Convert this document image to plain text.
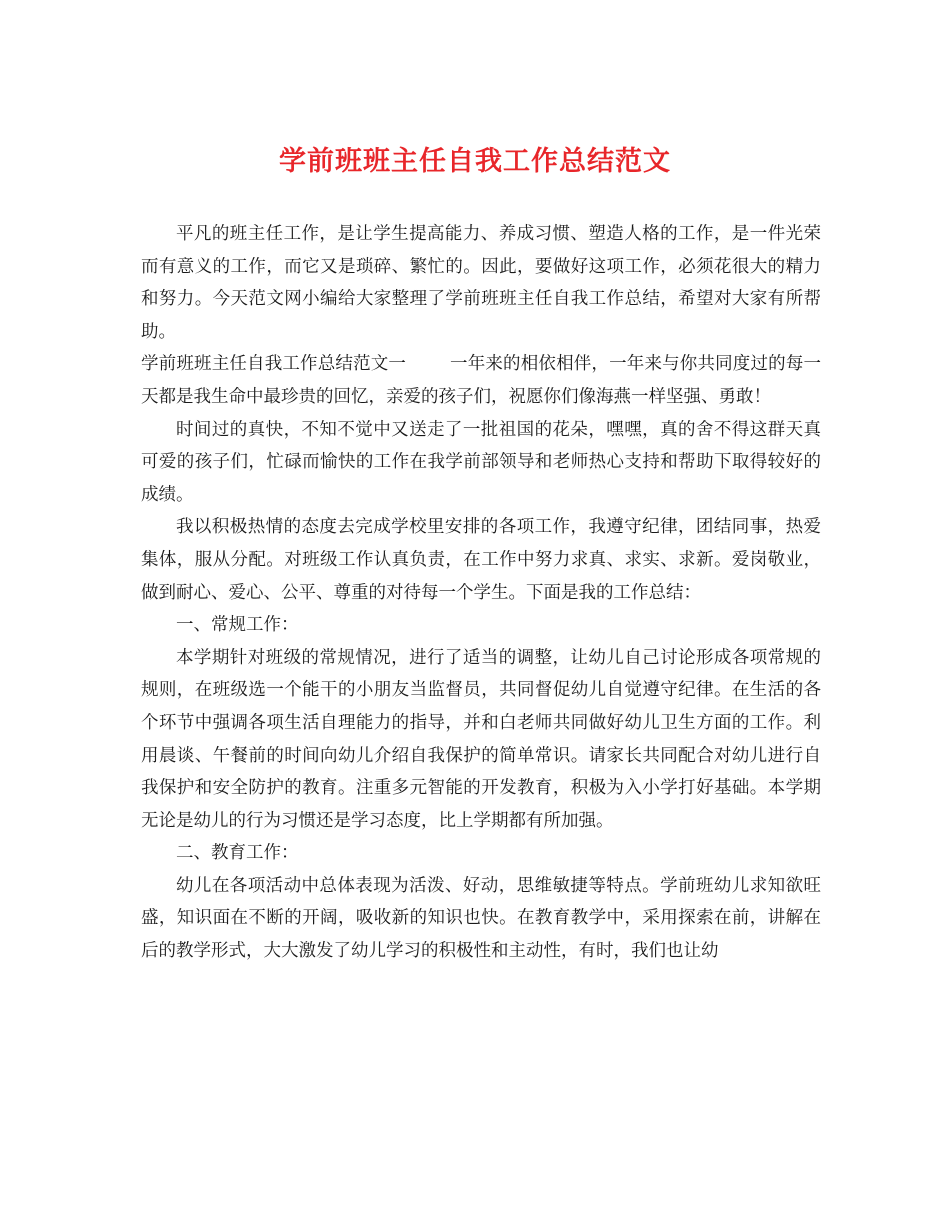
学前班班主任自我工作总结范文

平凡的班主任工作，是让学生提高能力、养成习惯、塑造人格的工作，是一件光荣而有意义的工作，而它又是琐碎、繁忙的。因此，要做好这项工作，必须花很大的精力和努力。今天范文网小编给大家整理了学前班班主任自我工作总结，希望对大家有所帮助。

学前班班主任自我工作总结范文一	一年来的相依相伴，一年来与你共同度过的每一天都是我生命中最珍贵的回忆，亲爱的孩子们，祝愿你们像海燕一样坚强、勇敢！

时间过的真快，不知不觉中又送走了一批祖国的花朵，嘿嘿，真的舍不得这群天真可爱的孩子们，忙碌而愉快的工作在我学前部领导和老师热心支持和帮助下取得较好的成绩。

我以积极热情的态度去完成学校里安排的各项工作，我遵守纪律，团结同事，热爱集体，服从分配。对班级工作认真负责，在工作中努力求真、求实、求新。爱岗敬业，做到耐心、爱心、公平、尊重的对待每一个学生。下面是我的工作总结：

一、常规工作：

本学期针对班级的常规情况，进行了适当的调整，让幼儿自己讨论形成各项常规的规则，在班级选一个能干的小朋友当监督员，共同督促幼儿自觉遵守纪律。在生活的各个环节中强调各项生活自理能力的指导，并和白老师共同做好幼儿卫生方面的工作。利用晨谈、午餐前的时间向幼儿介绍自我保护的简单常识。请家长共同配合对幼儿进行自我保护和安全防护的教育。注重多元智能的开发教育，积极为入小学打好基础。本学期无论是幼儿的行为习惯还是学习态度，比上学期都有所加强。

二、教育工作：

幼儿在各项活动中总体表现为活泼、好动，思维敏捷等特点。学前班幼儿求知欲旺盛，知识面在不断的开阔，吸收新的知识也快。在教育教学中，采用探索在前，讲解在后的教学形式，大大激发了幼儿学习的积极性和主动性，有时，我们也让幼
